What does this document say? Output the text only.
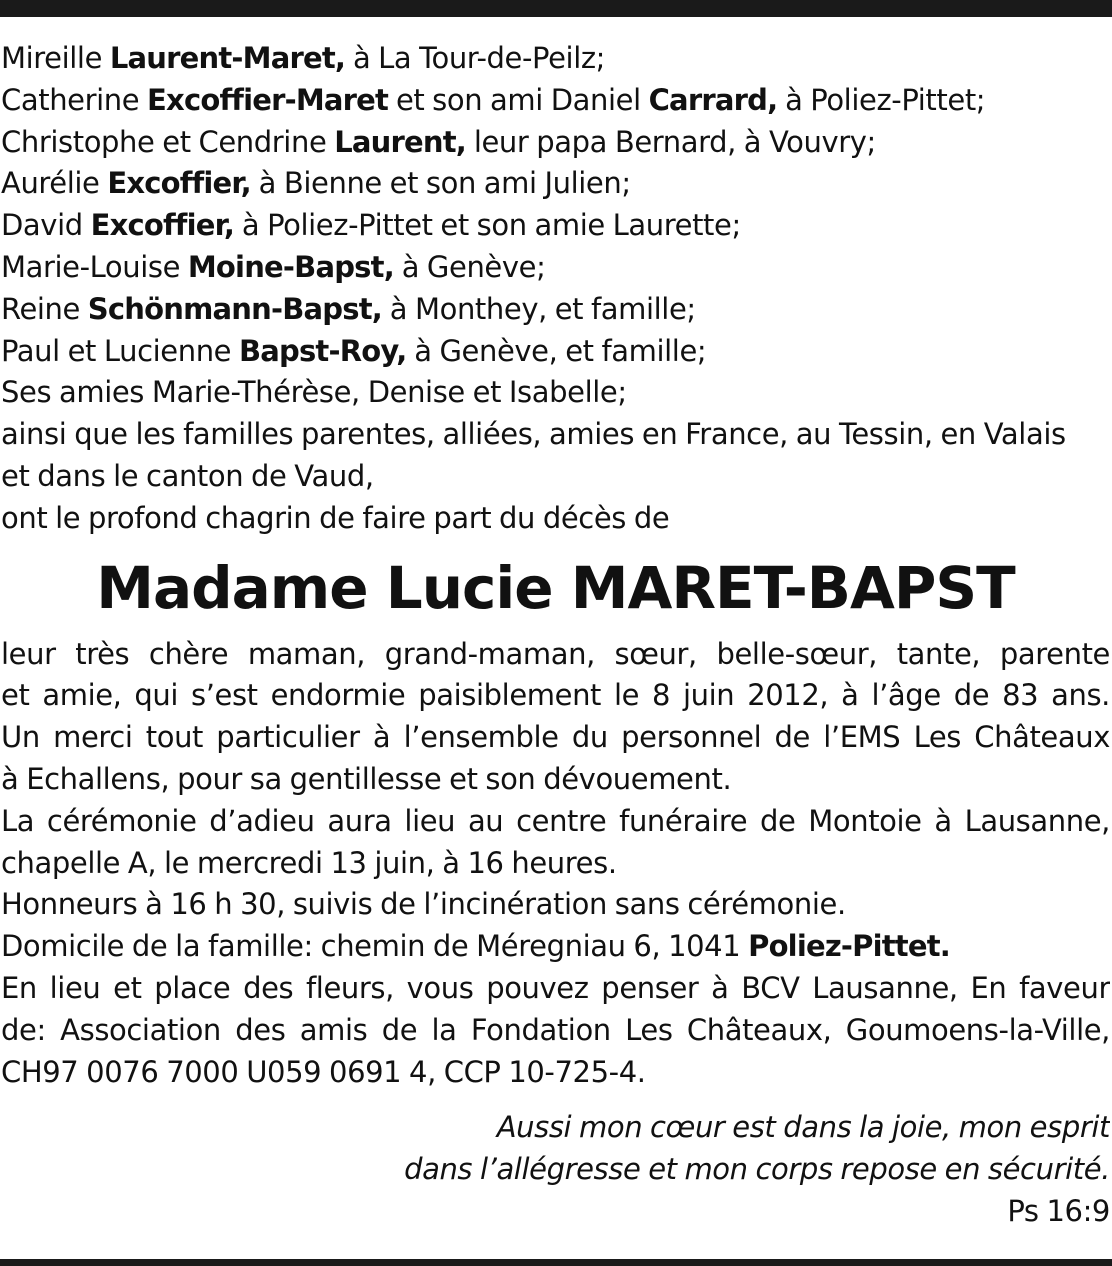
Mireille Laurent-Maret, à La Tour-de-Peilz;
Catherine Excoffier-Maret et son ami Daniel Carrard, à Poliez-Pittet;
Christophe et Cendrine Laurent, leur papa Bernard, à Vouvry;
Aurélie Excoffier, à Bienne et son ami Julien;
David Excoffier, à Poliez-Pittet et son amie Laurette;
Marie-Louise Moine-Bapst, à Genève;
Reine Schönmann-Bapst, à Monthey, et famille;
Paul et Lucienne Bapst-Roy, à Genève, et famille;
Ses amies Marie-Thérèse, Denise et Isabelle;
ainsi que les familles parentes, alliées, amies en France, au Tessin, en Valais
et dans le canton de Vaud,
ont le profond chagrin de faire part du décès de
Madame Lucie MARET-BAPST
leur très chère maman, grand-maman, sœur, belle-sœur, tante, parente
et amie, qui s’est endormie paisiblement le 8 juin 2012, à l’âge de 83 ans.
Un merci tout particulier à l’ensemble du personnel de l’EMS Les Châteaux
à Echallens, pour sa gentillesse et son dévouement.
La cérémonie d’adieu aura lieu au centre funéraire de Montoie à Lausanne,
chapelle A, le mercredi 13 juin, à 16 heures.
Honneurs à 16 h 30, suivis de l’incinération sans cérémonie.
Domicile de la famille: chemin de Méregniau 6, 1041 Poliez-Pittet.
En lieu et place des fleurs, vous pouvez penser à BCV Lausanne, En faveur
de: Association des amis de la Fondation Les Châteaux, Goumoens-la-Ville,
CH97 0076 7000 U059 0691 4, CCP 10-725-4.
Aussi mon cœur est dans la joie, mon esprit
dans l’allégresse et mon corps repose en sécurité.
Ps 16:9
